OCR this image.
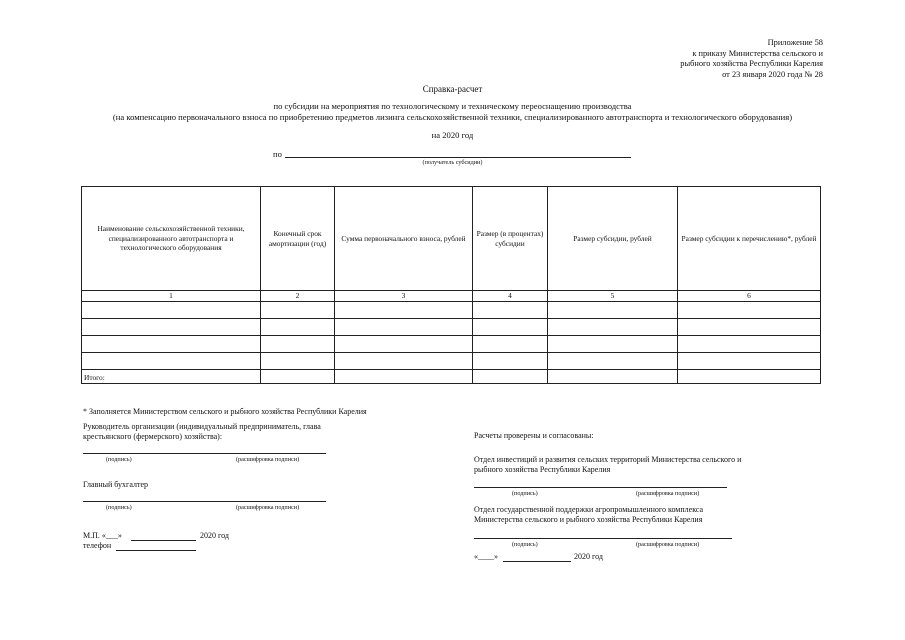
Приложение 58
к приказу Министерства сельского и
рыбного хозяйства Республики Карелия
от 23 января 2020 года № 28
Справка-расчет
по субсидии на мероприятия по технологическому и техническому переоснащению производства
(на компенсацию первоначального взноса по приобретению предметов лизинга сельскохозяйственной техники, специализированного автотранспорта и технологического оборудования)
на 2020 год
по
(получатель субсидии)
Наименование сельскохозяйственной техники, специализированного автотранспорта и технологического оборудования	Конечный срок амортизации (год)	Сумма первоначального взноса, рублей	Размер (в процентах) субсидии	Размер субсидии, рублей	Размер субсидии к перечислению*, рублей
1	2	3	4	5	6

Итого:					
* Заполняется Министерством сельского и рыбного хозяйства Республики Карелия
Руководитель организации (индивидуальный предприниматель, глава
крестьянского (фермерского) хозяйства):
(подпись)	(расшифровка подписи)
Главный бухгалтер
(подпись)	(расшифровка подписи)
М.П. «___»	2020 год
телефон
Расчеты проверены и согласованы:
Отдел инвестиций и развития сельских территорий Министерства сельского и
рыбного хозяйства Республики Карелия
(подпись)	(расшифровка подписи)
Отдел государственной поддержки агропромышленного комплекса
Министерства сельского и рыбного хозяйства Республики Карелия
(подпись)	(расшифровка подписи)
«____»	2020 год
